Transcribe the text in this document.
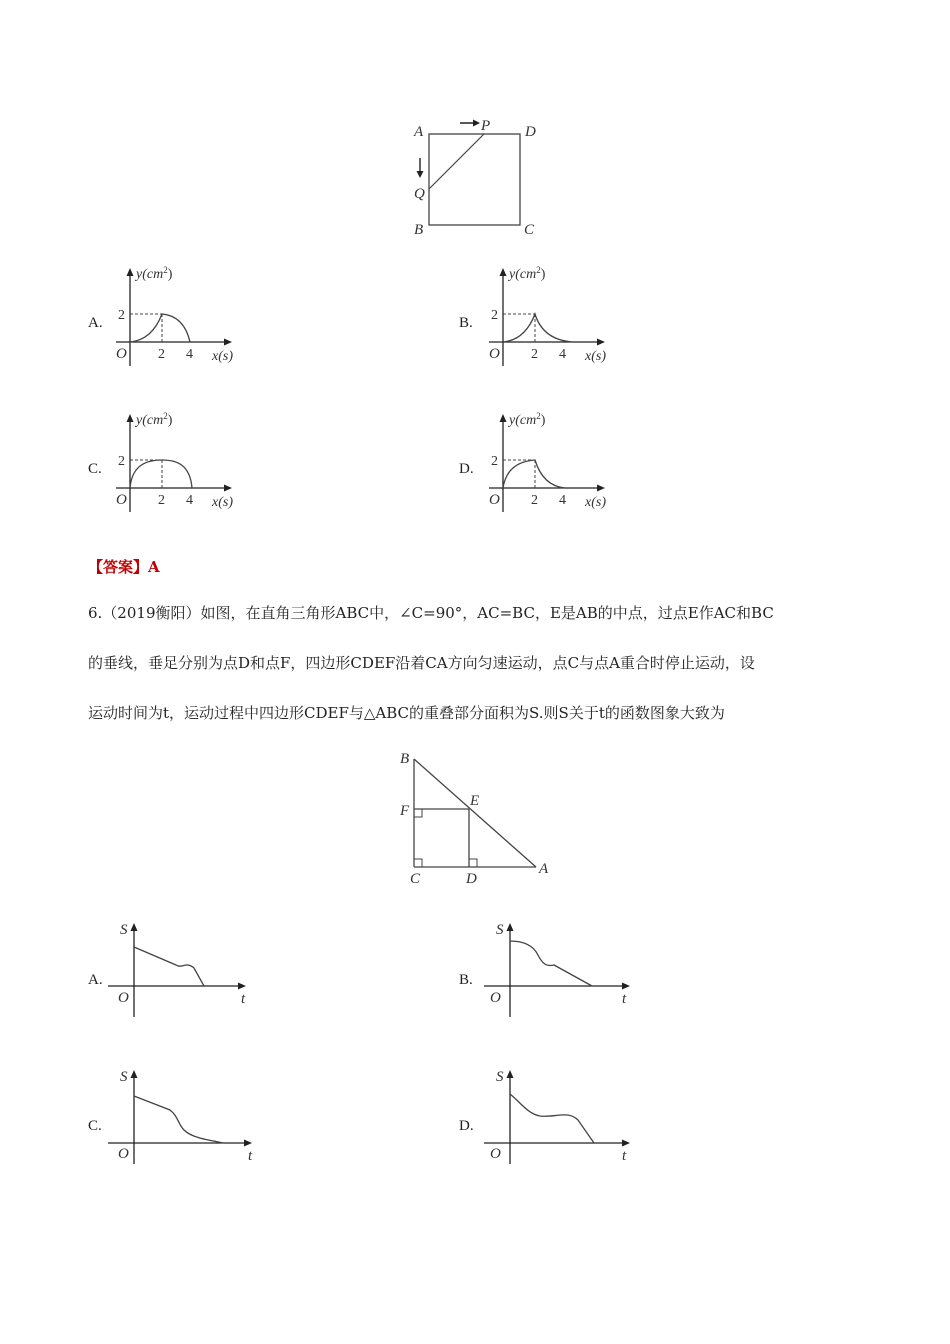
A	P D
Q
B	C
A. 2
O 2 4 x(s)
$y(cm^2)$
B. 2
O 2 4 x(s)
$y(cm^2)$
C. 2
O 2 4 x(s)
$y(cm^2)$
D. 2
O 2 4 x(s)
$y(cm^2)$
【答案】A
6.（2019衡阳）如图，在直角三角形ABC中，∠C=90°，AC=BC，E是AB的中点，过点E作AC和BC
的垂线，垂足分别为点D和点F，四边形CDEF沿着CA方向匀速运动，点C与点A重合时停止运动，设
运动时间为t，运动过程中四边形CDEF与△ABC的重叠部分面积为S.则S关于t的函数图象大致为
B
E
F
C	D
A
A.
S
O	t
B.
S
O	t
C.
S
O	t
D.
S
O	t
